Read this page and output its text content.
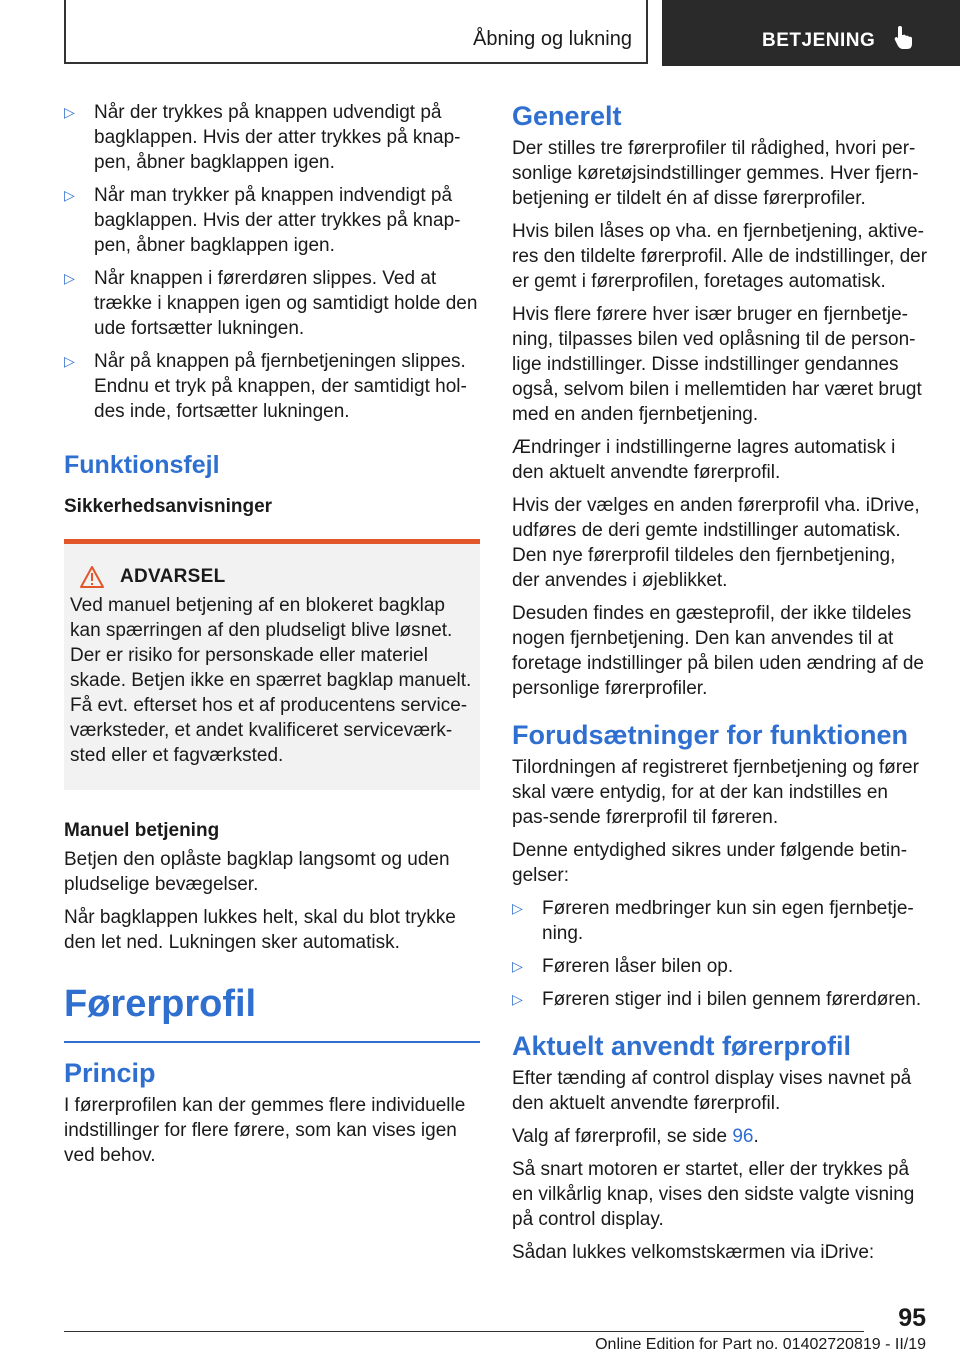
Åbning og lukning	BETJENING
▷ Når der trykkes på knappen udvendigt på bagklappen. Hvis der atter trykkes på knap-pen, åbner bagklappen igen.
▷ Når man trykker på knappen indvendigt på bagklappen. Hvis der atter trykkes på knap-pen, åbner bagklappen igen.
▷ Når knappen i førerdøren slippes. Ved at trække i knappen igen og samtidigt holde den ude fortsætter lukningen.
▷ Når på knappen på fjernbetjeningen slippes. Endnu et tryk på knappen, der samtidigt hol-des inde, fortsætter lukningen.
Funktionsfejl
Sikkerhedsanvisninger
ADVARSEL

Ved manuel betjening af en blokeret bagklap kan spærringen af den pludseligt blive løsnet. Der er risiko for personskade eller materiel skade. Betjen ikke en spærret bagklap manuelt. Få evt. efterset hos et af producentens service-værksteder, et andet kvalificeret serviceværk-sted eller et fagværksted.

Manuel betjening

Betjen den oplåste bagklap langsomt og uden pludselige bevægelser.

Når bagklappen lukkes helt, skal du blot trykke den let ned. Lukningen sker automatisk.

Førerprofil
Princip

I førerprofilen kan der gemmes flere individuelle indstillinger for flere førere, som kan vises igen ved behov.

Generelt

Der stilles tre førerprofiler til rådighed, hvori per-sonlige køretøjsindstillinger gemmes. Hver fjern-betjening er tildelt én af disse førerprofiler.

Hvis bilen låses op vha. en fjernbetjening, aktive-res den tildelte førerprofil. Alle de indstillinger, der er gemt i førerprofilen, foretages automatisk.

Hvis flere førere hver især bruger en fjernbetje-ning, tilpasses bilen ved oplåsning til de person-lige indstillinger. Disse indstillinger gendannes også, selvom bilen i mellemtiden har været brugt med en anden fjernbetjening.

Ændringer i indstillingerne lagres automatisk i den aktuelt anvendte førerprofil.

Hvis der vælges en anden førerprofil vha. iDrive, udføres de deri gemte indstillinger automatisk. Den nye førerprofil tildeles den fjernbetjening, der anvendes i øjeblikket.

Desuden findes en gæsteprofil, der ikke tildeles nogen fjernbetjening. Den kan anvendes til at foretage indstillinger på bilen uden ændring af de personlige førerprofiler.

Forudsætninger for funktionen

Tilordningen af registreret fjernbetjening og fører skal være entydig, for at der kan indstilles en pas-sende førerprofil til føreren.

Denne entydighed sikres under følgende betin-gelser:

▷ Føreren medbringer kun sin egen fjernbetje-ning.
▷ Føreren låser bilen op.
▷ Føreren stiger ind i bilen gennem førerdøren.
Aktuelt anvendt førerprofil

Efter tænding af control display vises navnet på den aktuelt anvendte førerprofil.

Valg af førerprofil, se side 96.

Så snart motoren er startet, eller der trykkes på en vilkårlig knap, vises den sidste valgte visning på control display.

Sådan lukkes velkomstskærmen via iDrive:

95
Online Edition for Part no. 01402720819 - II/19
